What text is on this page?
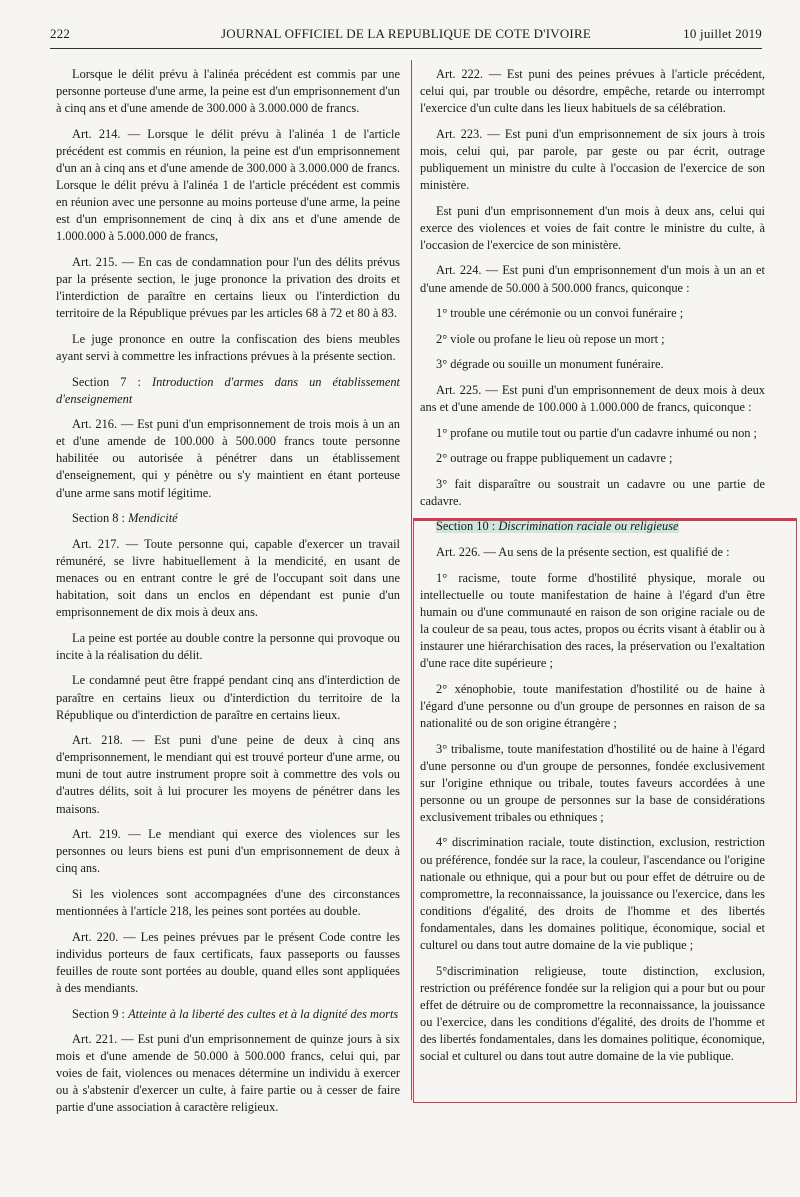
222	JOURNAL OFFICIEL DE LA REPUBLIQUE DE COTE D'IVOIRE	10 juillet 2019

Lorsque le délit prévu à l'alinéa précédent est commis par une personne porteuse d'une arme, la peine est d'un emprisonnement d'un à cinq ans et d'une amende de 300.000 à 3.000.000 de francs.

Art. 214. — Lorsque le délit prévu à l'alinéa 1 de l'article précédent est commis en réunion, la peine est d'un emprisonnement d'un an à cinq ans et d'une amende de 300.000 à 3.000.000 de francs. Lorsque le délit prévu à l'alinéa 1 de l'article précédent est commis en réunion avec une personne au moins porteuse d'une arme, la peine est d'un emprisonnement de cinq à dix ans et d'une amende de 1.000.000 à 5.000.000 de francs,

Art. 215. — En cas de condamnation pour l'un des délits prévus par la présente section, le juge prononce la privation des droits et l'interdiction de paraître en certains lieux ou l'interdiction du territoire de la République prévues par les articles 68 à 72 et 80 à 83.

Le juge prononce en outre la confiscation des biens meubles ayant servi à commettre les infractions prévues à la présente section.

Section 7 : Introduction d'armes dans un établissement d'enseignement

Art. 216. — Est puni d'un emprisonnement de trois mois à un an et d'une amende de 100.000 à 500.000 francs toute personne habilitée ou autorisée à pénétrer dans un établissement d'enseignement, qui y pénètre ou s'y maintient en étant porteuse d'une arme sans motif légitime.

Section 8 : Mendicité

Art. 217. — Toute personne qui, capable d'exercer un travail rémunéré, se livre habituellement à la mendicité, en usant de menaces ou en entrant contre le gré de l'occupant soit dans une habitation, soit dans un enclos en dépendant est punie d'un emprisonnement de dix mois à deux ans.

La peine est portée au double contre la personne qui provoque ou incite à la réalisation du délit.

Le condamné peut être frappé pendant cinq ans d'interdiction de paraître en certains lieux ou d'interdiction du territoire de la République ou d'interdiction de paraître en certains lieux.

Art. 218. — Est puni d'une peine de deux à cinq ans d'emprisonnement, le mendiant qui est trouvé porteur d'une arme, ou muni de tout autre instrument propre soit à commettre des vols ou d'autres délits, soit à lui procurer les moyens de pénétrer dans les maisons.

Art. 219. — Le mendiant qui exerce des violences sur les personnes ou leurs biens est puni d'un emprisonnement de deux à cinq ans.

Si les violences sont accompagnées d'une des circonstances mentionnées à l'article 218, les peines sont portées au double.

Art. 220. — Les peines prévues par le présent Code contre les individus porteurs de faux certificats, faux passeports ou fausses feuilles de route sont portées au double, quand elles sont appliquées à des mendiants.

Section 9 : Atteinte à la liberté des cultes et à la dignité des morts

Art. 221. — Est puni d'un emprisonnement de quinze jours à six mois et d'une amende de 50.000 à 500.000 francs, celui qui, par voies de fait, violences ou menaces détermine un individu à exercer ou à s'abstenir d'exercer un culte, à faire partie ou à cesser de faire partie d'une association à caractère religieux.

Art. 222. — Est puni des peines prévues à l'article précédent, celui qui, par trouble ou désordre, empêche, retarde ou interrompt l'exercice d'un culte dans les lieux habituels de sa célébration.

Art. 223. — Est puni d'un emprisonnement de six jours à trois mois, celui qui, par parole, par geste ou par écrit, outrage publiquement un ministre du culte à l'occasion de l'exercice de son ministère.

Est puni d'un emprisonnement d'un mois à deux ans, celui qui exerce des violences et voies de fait contre le ministre du culte, à l'occasion de l'exercice de son ministère.

Art. 224. — Est puni d'un emprisonnement d'un mois à un an et d'une amende de 50.000 à 500.000 francs, quiconque :

1° trouble une cérémonie ou un convoi funéraire ;

2° viole ou profane le lieu où repose un mort ;

3° dégrade ou souille un monument funéraire.

Art. 225. — Est puni d'un emprisonnement de deux mois à deux ans et d'une amende de 100.000 à 1.000.000 de francs, quiconque :

1° profane ou mutile tout ou partie d'un cadavre inhumé ou non ;

2° outrage ou frappe publiquement un cadavre ;

3° fait disparaître ou soustrait un cadavre ou une partie de cadavre.

Section 10 : Discrimination raciale ou religieuse

Art. 226. — Au sens de la présente section, est qualifié de :

1° racisme, toute forme d'hostilité physique, morale ou intellectuelle ou toute manifestation de haine à l'égard d'un être humain ou d'une communauté en raison de son origine raciale ou de la couleur de sa peau, tous actes, propos ou écrits visant à établir ou à instaurer une hiérarchisation des races, la préservation ou l'exaltation d'une race dite supérieure ;

2° xénophobie, toute manifestation d'hostilité ou de haine à l'égard d'une personne ou d'un groupe de personnes en raison de sa nationalité ou de son origine étrangère ;

3° tribalisme, toute manifestation d'hostilité ou de haine à l'égard d'une personne ou d'un groupe de personnes, fondée exclusivement sur l'origine ethnique ou tribale, toutes faveurs accordées à une personne ou un groupe de personnes sur la base de considérations exclusivement tribales ou ethniques ;

4° discrimination raciale, toute distinction, exclusion, restriction ou préférence, fondée sur la race, la couleur, l'ascendance ou l'origine nationale ou ethnique, qui a pour but ou pour effet de détruire ou de compromettre, la reconnaissance, la jouissance ou l'exercice, dans les conditions d'égalité, des droits de l'homme et des libertés fondamentales, dans les domaines politique, économique, social et culturel ou dans tout autre domaine de la vie publique ;

5°discrimination religieuse, toute distinction, exclusion, restriction ou préférence fondée sur la religion qui a pour but ou pour effet de détruire ou de compromettre la reconnaissance, la jouissance ou l'exercice, dans les conditions d'égalité, des droits de l'homme et des libertés fondamentales, dans les domaines politique, économique, social et culturel ou dans tout autre domaine de la vie publique.
